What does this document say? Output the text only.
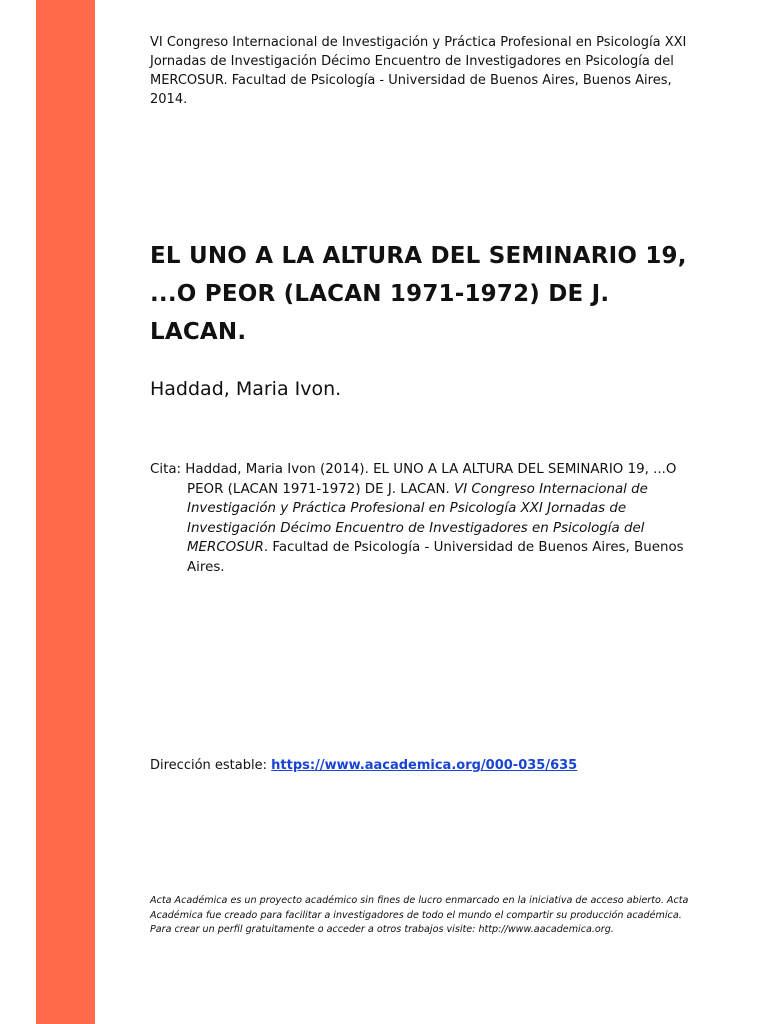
VI Congreso Internacional de Investigación y Práctica Profesional en Psicología XXI Jornadas de Investigación Décimo Encuentro de Investigadores en Psicología del MERCOSUR. Facultad de Psicología - Universidad de Buenos Aires, Buenos Aires, 2014.
EL UNO A LA ALTURA DEL SEMINARIO 19, ...O PEOR (LACAN 1971-1972) DE J. LACAN.
Haddad, Maria Ivon.
Cita: Haddad, Maria Ivon (2014). EL UNO A LA ALTURA DEL SEMINARIO 19, ...O PEOR (LACAN 1971-1972) DE J. LACAN. VI Congreso Internacional de Investigación y Práctica Profesional en Psicología XXI Jornadas de Investigación Décimo Encuentro de Investigadores en Psicología del MERCOSUR. Facultad de Psicología - Universidad de Buenos Aires, Buenos Aires.
Dirección estable: https://www.aacademica.org/000-035/635
Acta Académica es un proyecto académico sin fines de lucro enmarcado en la iniciativa de acceso abierto. Acta Académica fue creado para facilitar a investigadores de todo el mundo el compartir su producción académica. Para crear un perfil gratuitamente o acceder a otros trabajos visite: http://www.aacademica.org.
